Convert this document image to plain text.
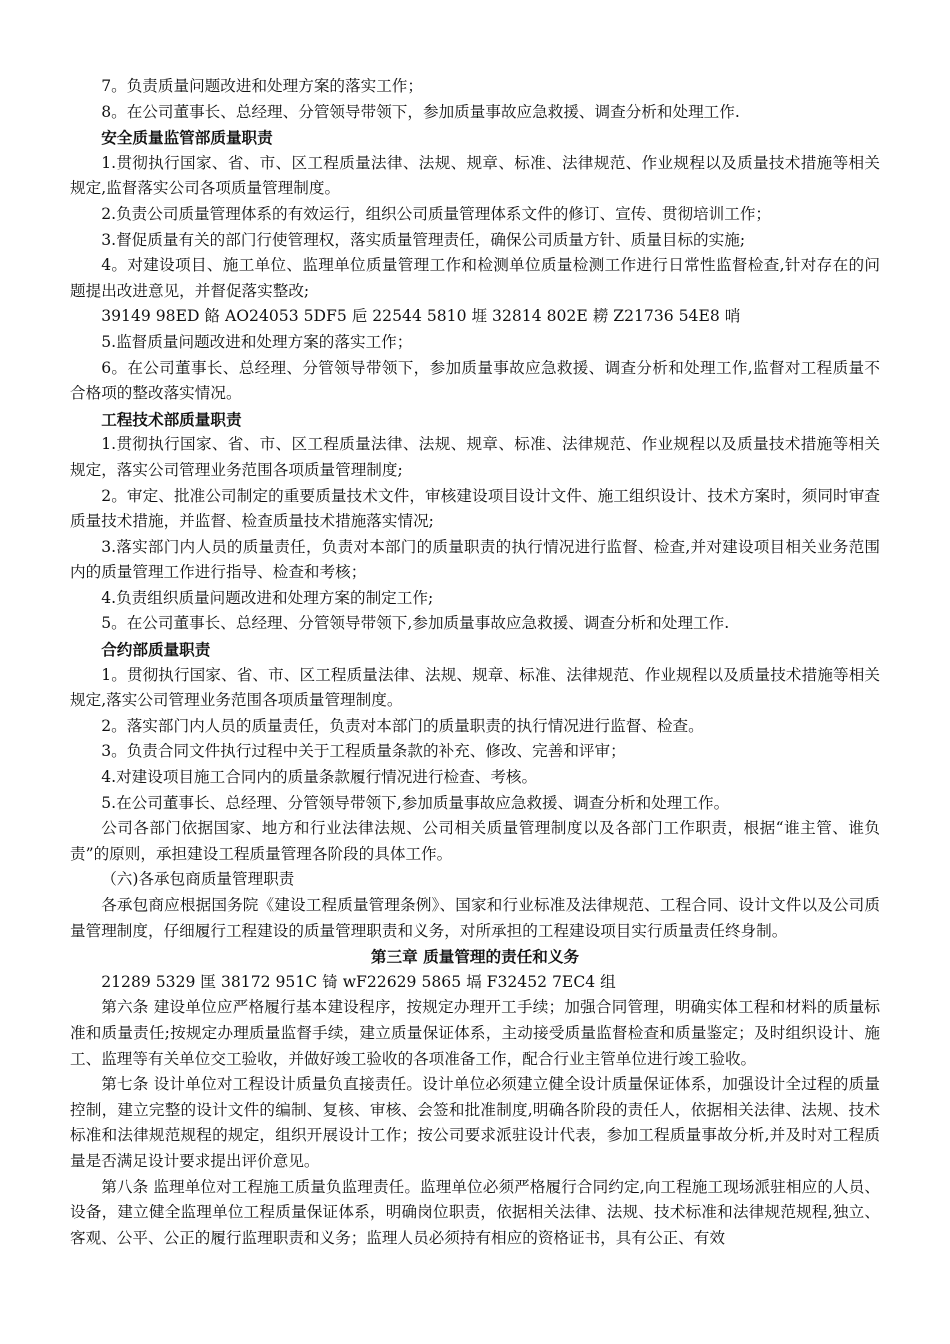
7。负责质量问题改进和处理方案的落实工作；

8。在公司董事长、总经理、分管领导带领下，参加质量事故应急救援、调查分析和处理工作.

安全质量监管部质量职责

1.贯彻执行国家、省、市、区工程质量法律、法规、规章、标准、法律规范、作业规程以及质量技术措施等相关规定,监督落实公司各项质量管理制度。

2.负责公司质量管理体系的有效运行，组织公司质量管理体系文件的修订、宣传、贯彻培训工作；

3.督促质量有关的部门行使管理权，落实质量管理责任，确保公司质量方针、质量目标的实施;

4。对建设项目、施工单位、监理单位质量管理工作和检测单位质量检测工作进行日常性监督检查,针对存在的问题提出改进意见，并督促落实整改;

39149 98ED 餎 AO24053 5DF5 巵 22544 5810 堐 32814 802E 耮 Z21736 54E8 哨

5.监督质量问题改进和处理方案的落实工作；

6。在公司董事长、总经理、分管领导带领下，参加质量事故应急救援、调查分析和处理工作,监督对工程质量不合格项的整改落实情况。

工程技术部质量职责

1.贯彻执行国家、省、市、区工程质量法律、法规、规章、标准、法律规范、作业规程以及质量技术措施等相关规定，落实公司管理业务范围各项质量管理制度;

2。审定、批准公司制定的重要质量技术文件，审核建设项目设计文件、施工组织设计、技术方案时，须同时审查质量技术措施，并监督、检查质量技术措施落实情况;

3.落实部门内人员的质量责任，负责对本部门的质量职责的执行情况进行监督、检查,并对建设项目相关业务范围内的质量管理工作进行指导、检查和考核；

4.负责组织质量问题改进和处理方案的制定工作;

5。在公司董事长、总经理、分管领导带领下,参加质量事故应急救援、调查分析和处理工作.

合约部质量职责

1。贯彻执行国家、省、市、区工程质量法律、法规、规章、标准、法律规范、作业规程以及质量技术措施等相关规定,落实公司管理业务范围各项质量管理制度。

2。落实部门内人员的质量责任，负责对本部门的质量职责的执行情况进行监督、检查。

3。负责合同文件执行过程中关于工程质量条款的补充、修改、完善和评审；

4.对建设项目施工合同内的质量条款履行情况进行检查、考核。

5.在公司董事长、总经理、分管领导带领下,参加质量事故应急救援、调查分析和处理工作。

公司各部门依据国家、地方和行业法律法规、公司相关质量管理制度以及各部门工作职责，根据“谁主管、谁负责”的原则，承担建设工程质量管理各阶段的具体工作。

（六)各承包商质量管理职责

各承包商应根据国务院《建设工程质量管理条例》、国家和行业标准及法律规范、工程合同、设计文件以及公司质量管理制度，仔细履行工程建设的质量管理职责和义务，对所承担的工程建设项目实行质量责任终身制。

第三章 质量管理的责任和义务

21289 5329 匩 38172 951C 锜 wF22629 5865 塥 F32452 7EC4 组

第六条 建设单位应严格履行基本建设程序，按规定办理开工手续；加强合同管理，明确实体工程和材料的质量标准和质量责任;按规定办理质量监督手续，建立质量保证体系，主动接受质量监督检查和质量鉴定；及时组织设计、施工、监理等有关单位交工验收，并做好竣工验收的各项准备工作，配合行业主管单位进行竣工验收。

第七条 设计单位对工程设计质量负直接责任。设计单位必须建立健全设计质量保证体系，加强设计全过程的质量控制，建立完整的设计文件的编制、复核、审核、会签和批准制度,明确各阶段的责任人，依据相关法律、法规、技术标准和法律规范规程的规定，组织开展设计工作；按公司要求派驻设计代表，参加工程质量事故分析,并及时对工程质量是否满足设计要求提出评价意见。

第八条 监理单位对工程施工质量负监理责任。监理单位必须严格履行合同约定,向工程施工现场派驻相应的人员、设备，建立健全监理单位工程质量保证体系，明确岗位职责，依据相关法律、法规、技术标准和法律规范规程,独立、客观、公平、公正的履行监理职责和义务；监理人员必须持有相应的资格证书，具有公正、有效
